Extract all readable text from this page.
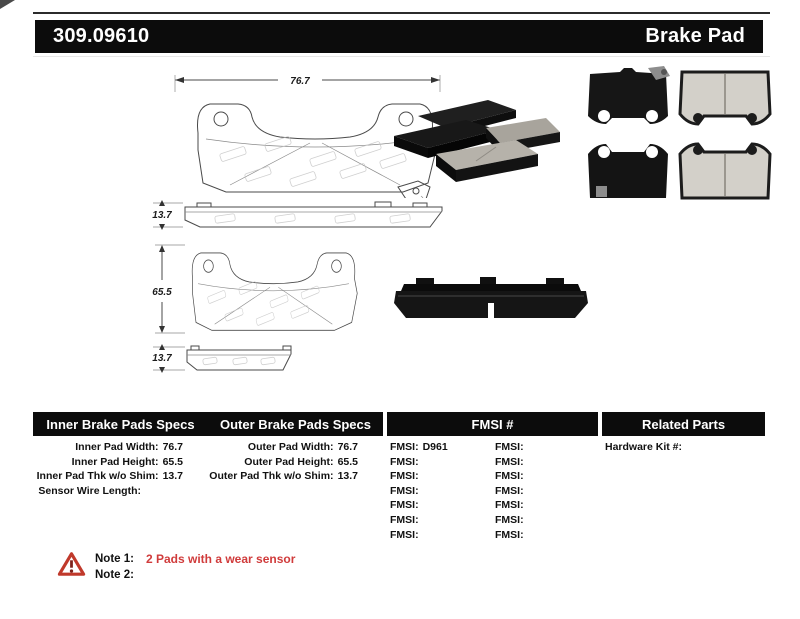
309.09610	Brake Pad
76.7
13.7
65.5
13.7
Inner Brake Pads Specs	Outer Brake Pads Specs	FMSI #	Related Parts
Inner Pad Width: 76.7
Inner Pad Height: 65.5
Inner Pad Thk w/o Shim: 13.7
Sensor Wire Length:
Outer Pad Width: 76.7
Outer Pad Height: 65.5
Outer Pad Thk w/o Shim: 13.7
FMSI: D961
FMSI:
FMSI:
FMSI:
FMSI:
FMSI:
FMSI:
FMSI:
FMSI:
FMSI:
FMSI:
FMSI:
FMSI:
FMSI:
Hardware Kit #:
Note 1: 2 Pads with a wear sensor
Note 2:
